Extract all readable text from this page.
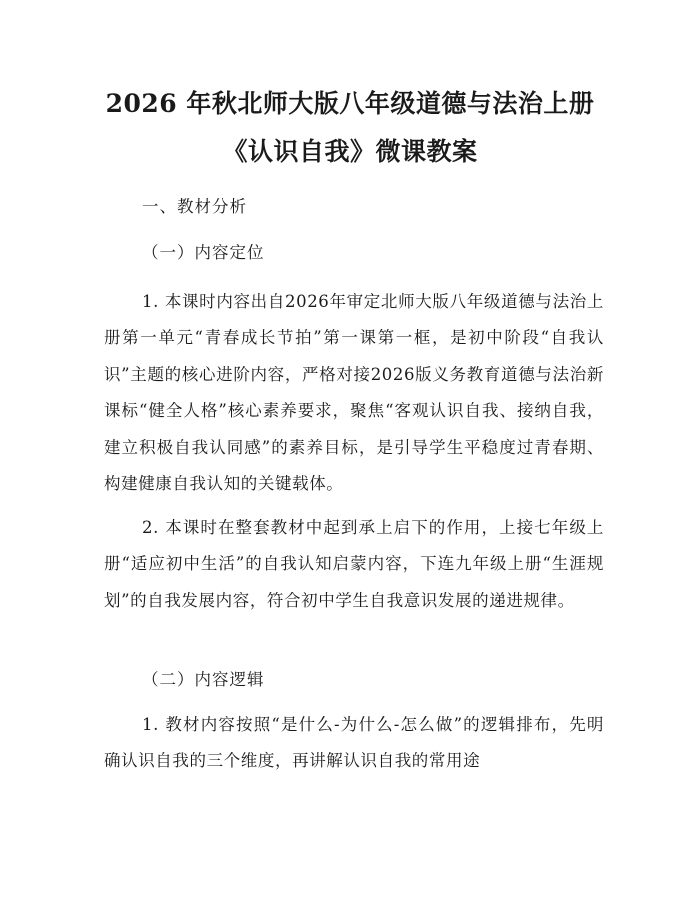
2026 年秋北师大版八年级道德与法治上册
《认识自我》微课教案
一、教材分析
（一）内容定位
1. 本课时内容出自2026年审定北师大版八年级道德与法治上册第一单元“青春成长节拍”第一课第一框，是初中阶段“自我认识”主题的核心进阶内容，严格对接2026版义务教育道德与法治新课标“健全人格”核心素养要求，聚焦“客观认识自我、接纳自我，建立积极自我认同感”的素养目标，是引导学生平稳度过青春期、构建健康自我认知的关键载体。
2. 本课时在整套教材中起到承上启下的作用，上接七年级上册“适应初中生活”的自我认知启蒙内容，下连九年级上册“生涯规划”的自我发展内容，符合初中学生自我意识发展的递进规律。
（二）内容逻辑
1. 教材内容按照“是什么-为什么-怎么做”的逻辑排布，先明确认识自我的三个维度，再讲解认识自我的常用途
